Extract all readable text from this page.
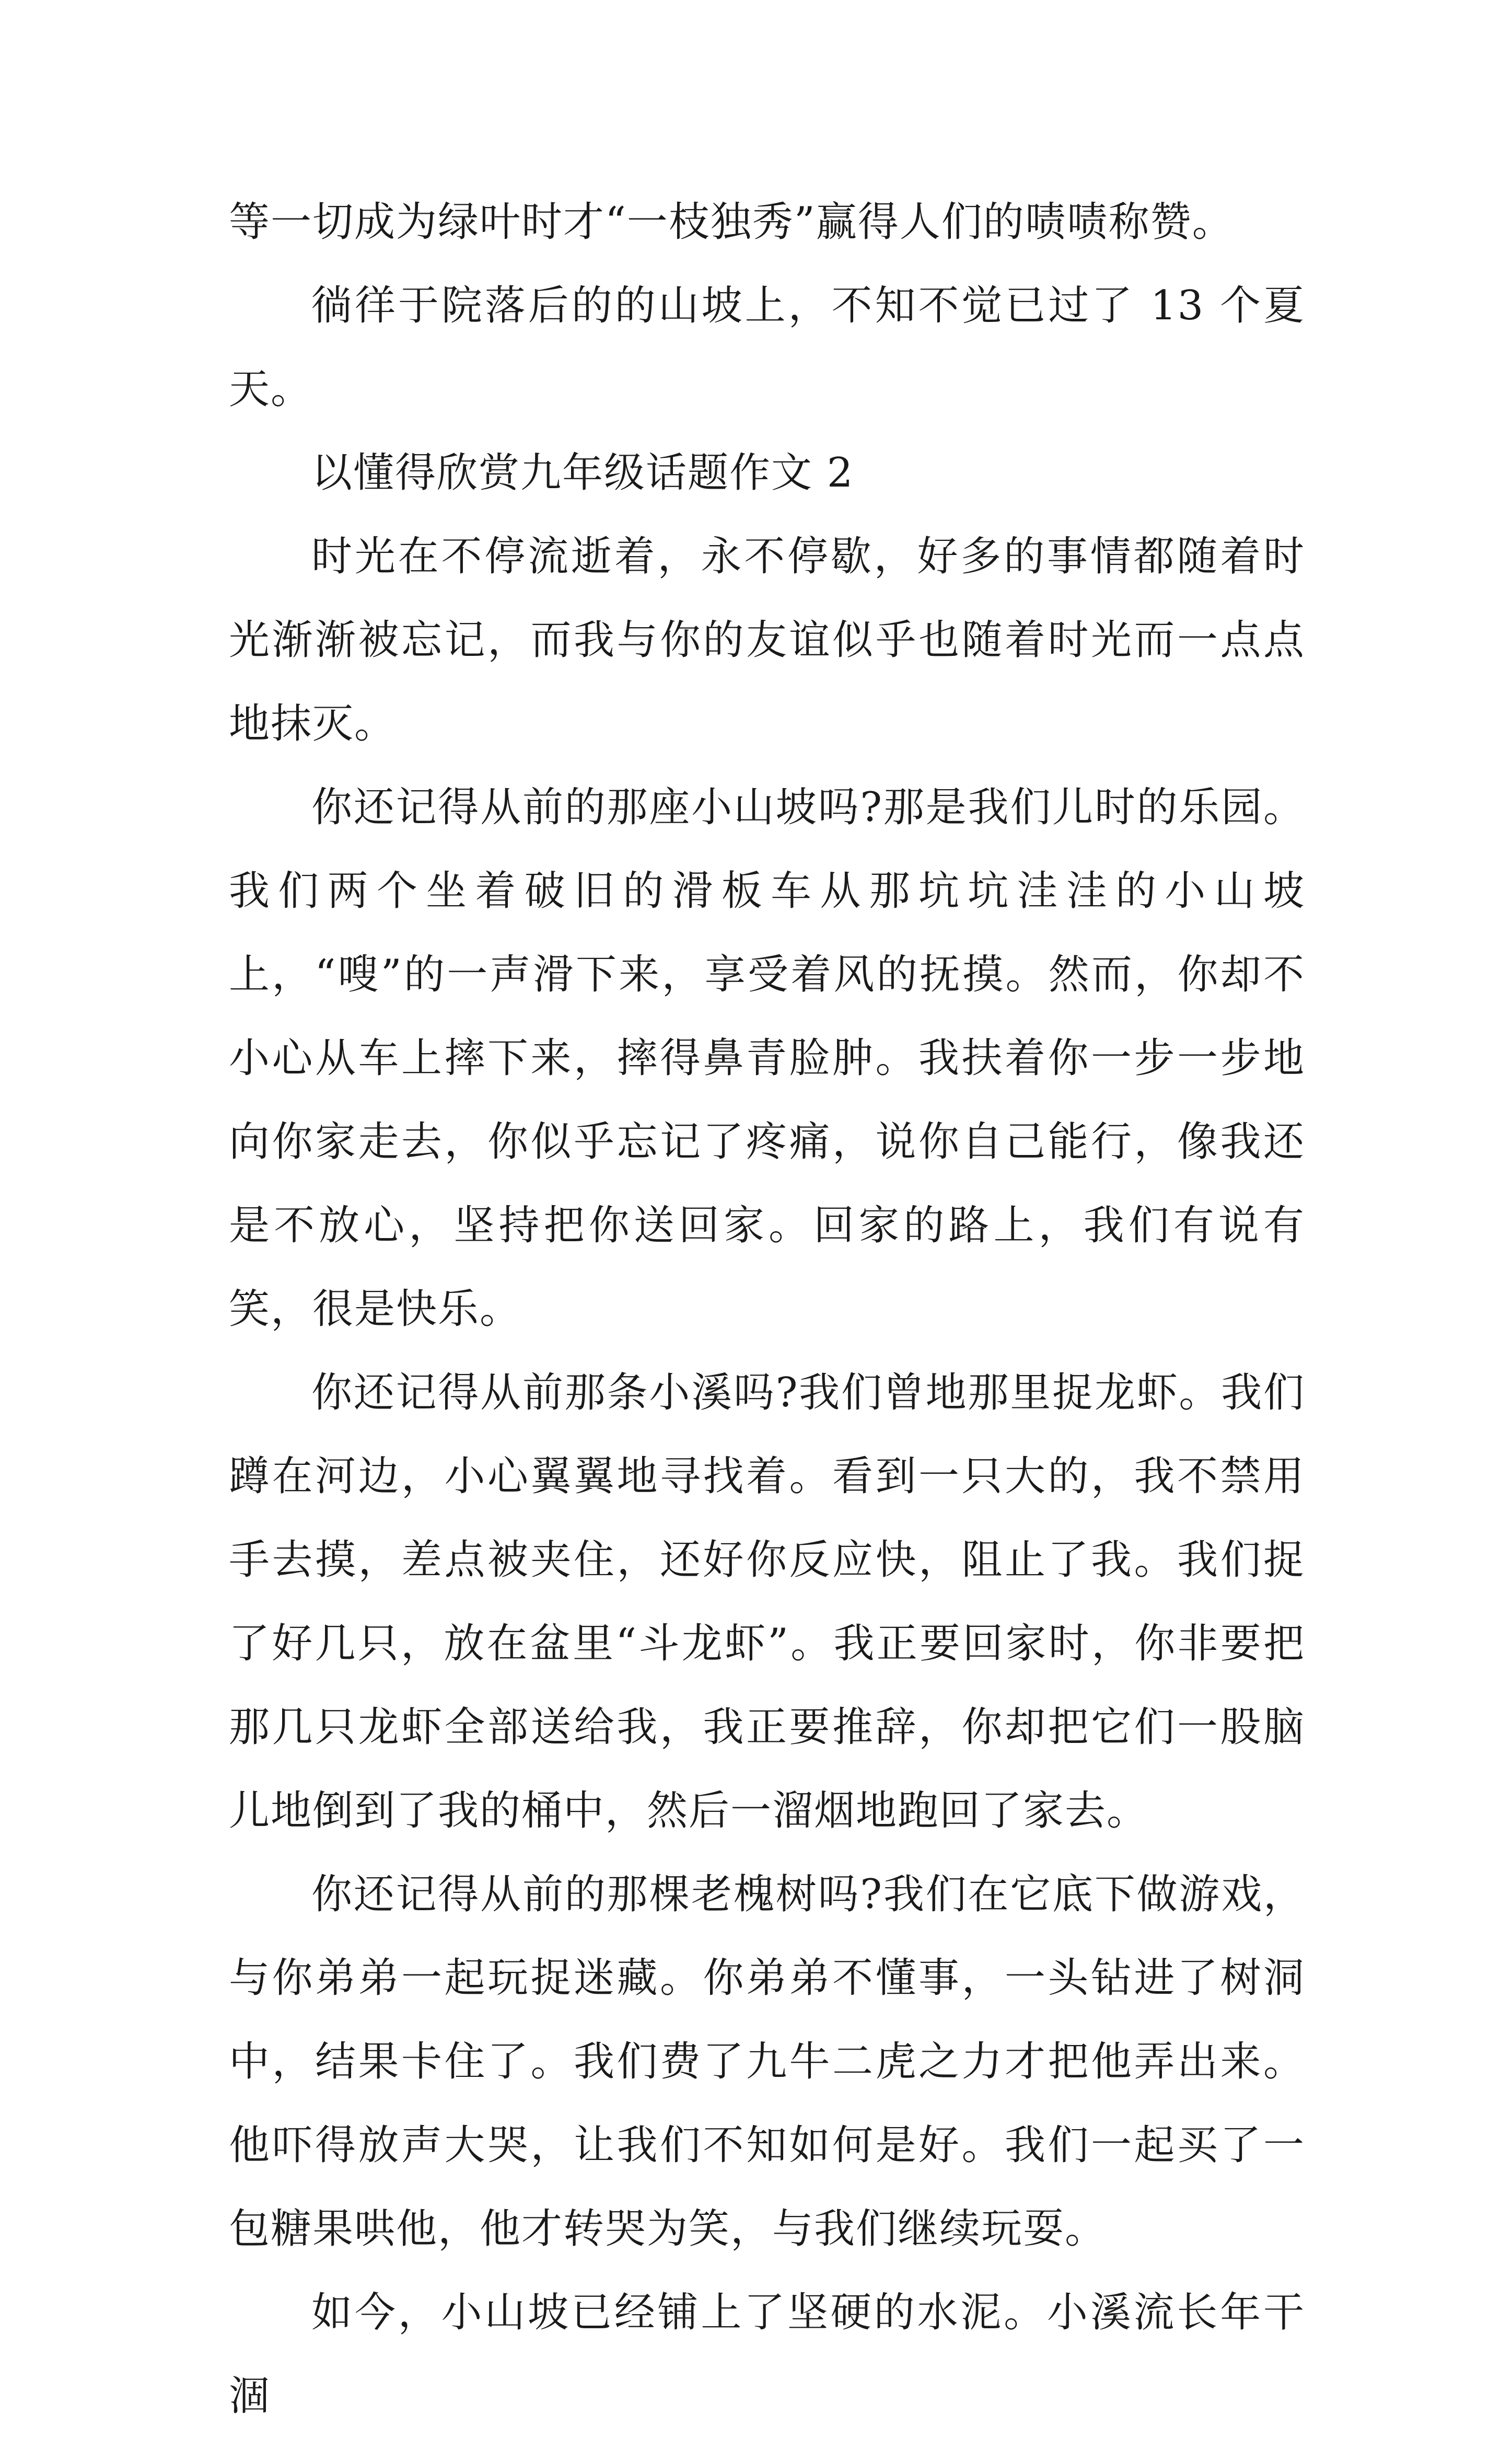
等一切成为绿叶时才“一枝独秀”赢得人们的啧啧称赞。

徜徉于院落后的的山坡上，不知不觉已过了 13 个夏天。

以懂得欣赏九年级话题作文 2

时光在不停流逝着，永不停歇，好多的事情都随着时光渐渐被忘记，而我与你的友谊似乎也随着时光而一点点地抹灭。

你还记得从前的那座小山坡吗?那是我们儿时的乐园。我们两个坐着破旧的滑板车从那坑坑洼洼的小山坡上，“嗖”的一声滑下来，享受着风的抚摸。然而，你却不小心从车上摔下来，摔得鼻青脸肿。我扶着你一步一步地向你家走去，你似乎忘记了疼痛，说你自己能行，像我还是不放心，坚持把你送回家。回家的路上，我们有说有笑，很是快乐。

你还记得从前那条小溪吗?我们曾地那里捉龙虾。我们蹲在河边，小心翼翼地寻找着。看到一只大的，我不禁用手去摸，差点被夹住，还好你反应快，阻止了我。我们捉了好几只，放在盆里“斗龙虾”。我正要回家时，你非要把那几只龙虾全部送给我，我正要推辞，你却把它们一股脑儿地倒到了我的桶中，然后一溜烟地跑回了家去。

你还记得从前的那棵老槐树吗?我们在它底下做游戏，与你弟弟一起玩捉迷藏。你弟弟不懂事，一头钻进了树洞中，结果卡住了。我们费了九牛二虎之力才把他弄出来。他吓得放声大哭，让我们不知如何是好。我们一起买了一包糖果哄他，他才转哭为笑，与我们继续玩耍。

如今，小山坡已经铺上了坚硬的水泥。小溪流长年干涸
